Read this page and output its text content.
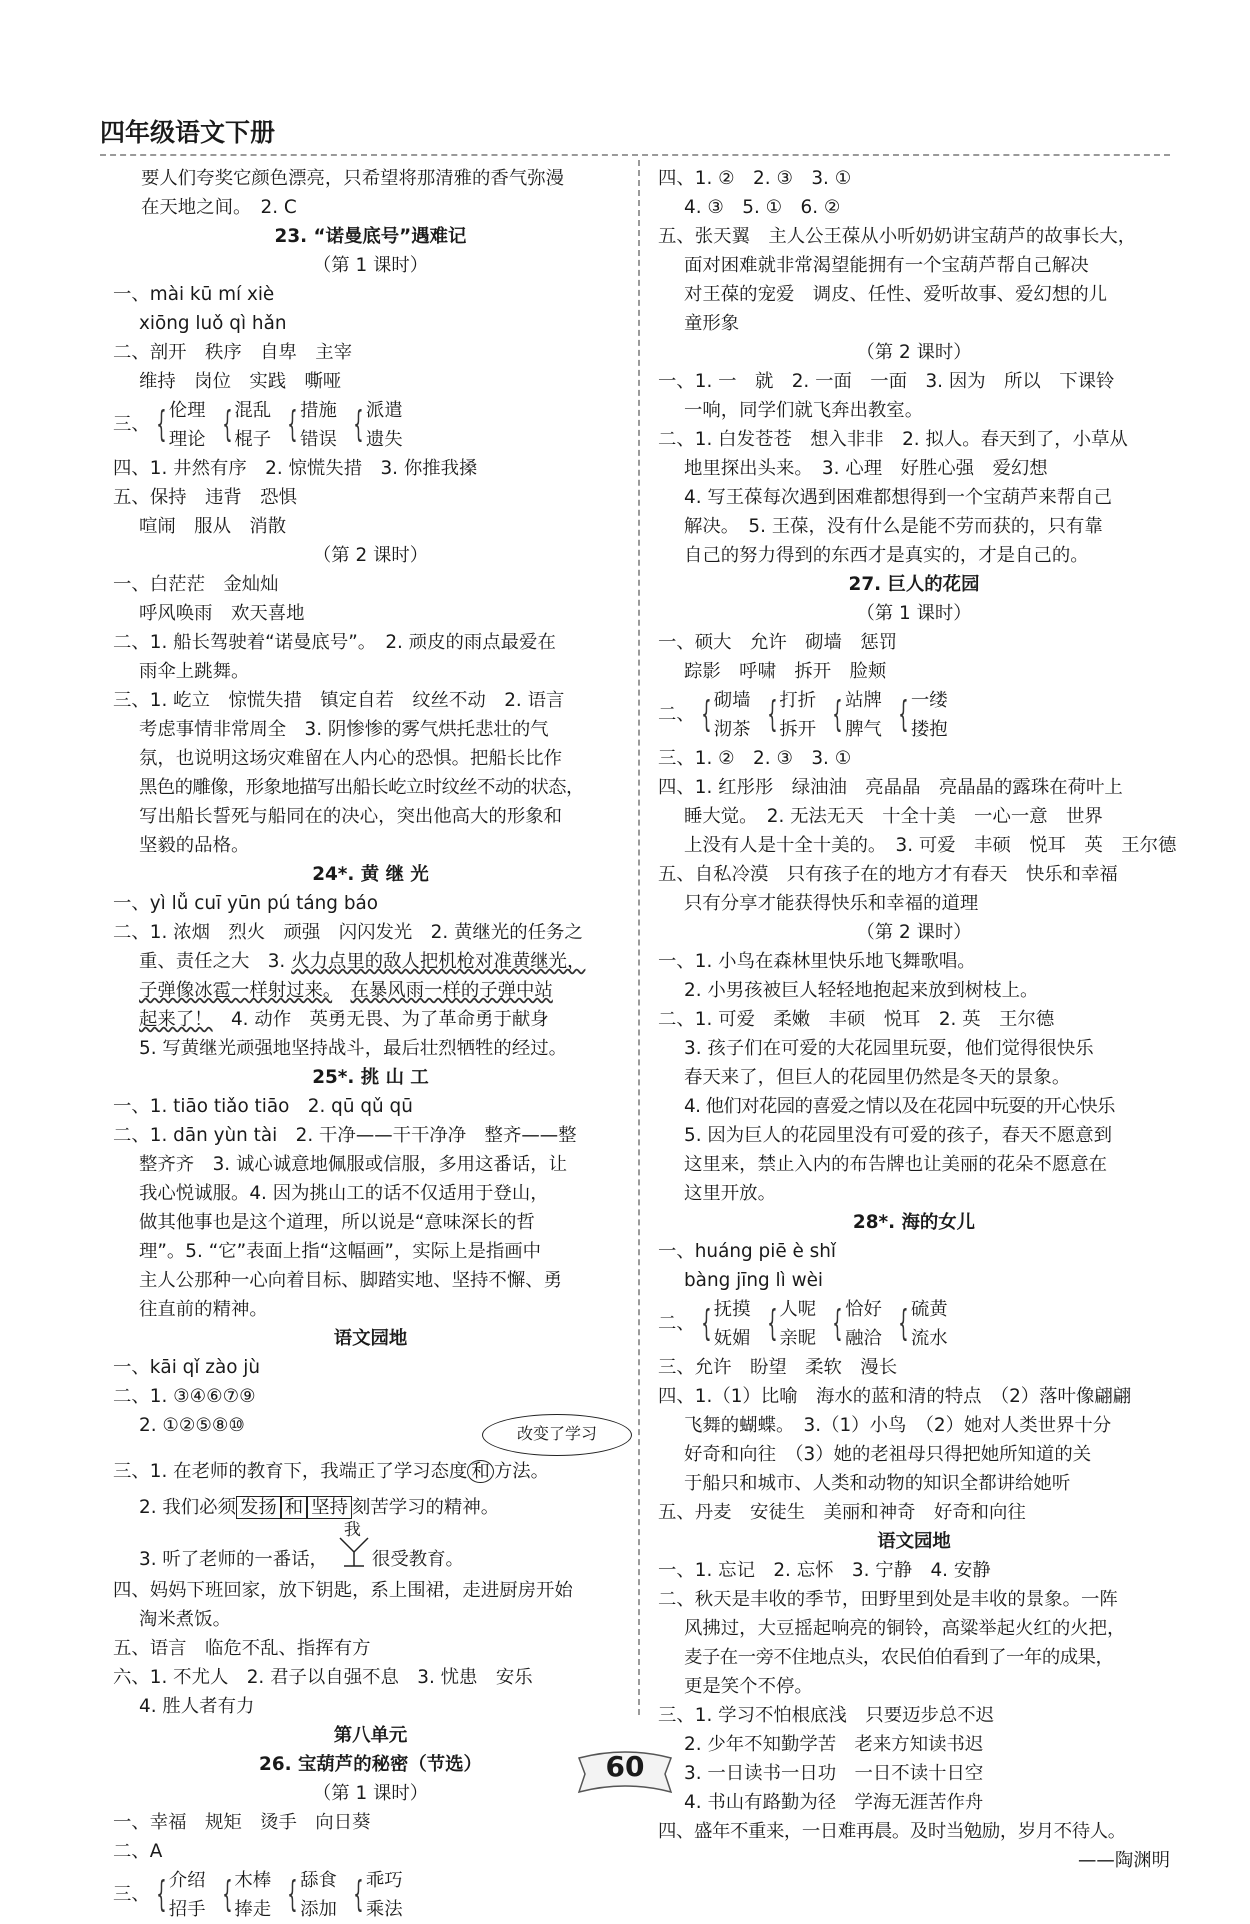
四年级语文下册
要人们夸奖它颜色漂亮，只希望将那清雅的香气弥漫
在天地之间。　2. C
23. “诺曼底号”遇难记
（第 1 课时）
一、mài kū mí xiè
xiōng luǒ qì hǎn
二、剖开　秩序　自卑　主宰
维持　岗位　实践　嘶哑
三、 { 伦理
理论 { 混乱
棍子 { 措施
错误 { 派遣
遗失
四、1. 井然有序　2. 惊慌失措　3. 你推我搡
五、保持　违背　恐惧
喧闹　服从　消散
（第 2 课时）
一、白茫茫　金灿灿
呼风唤雨　欢天喜地
二、1. 船长驾驶着“诺曼底号”。　2. 顽皮的雨点最爱在
雨伞上跳舞。
三、1. 屹立　惊慌失措　镇定自若　纹丝不动　2. 语言
考虑事情非常周全　3. 阴惨惨的雾气烘托悲壮的气
氛，也说明这场灾难留在人内心的恐惧。把船长比作
黑色的雕像，形象地描写出船长屹立时纹丝不动的状态，
写出船长誓死与船同在的决心，突出他高大的形象和
坚毅的品格。
24*. 黄 继 光
一、yì lǚ cuī yūn pú táng báo
二、1. 浓烟　烈火　顽强　闪闪发光　2. 黄继光的任务之
重、责任之大　3. 火力点里的敌人把机枪对准黄继光，
子弹像冰雹一样射过来。　 在暴风雨一样的子弹中站
起来了！　4. 动作　英勇无畏、为了革命勇于献身
5. 写黄继光顽强地坚持战斗，最后壮烈牺牲的经过。
25*. 挑 山 工
一、1. tiāo tiǎo tiāo　2. qū qǔ qū
二、1. dān yùn tài　2. 干净——干干净净　整齐——整
整齐齐　3. 诚心诚意地佩服或信服，多用这番话，让
我心悦诚服。4. 因为挑山工的话不仅适用于登山，
做其他事也是这个道理，所以说是“意味深长的哲
理”。5. “它”表面上指“这幅画”，实际上是指画中
主人公那种一心向着目标、脚踏实地、坚持不懈、勇
往直前的精神。
语文园地
一、kāi qǐ zào jù
二、1. ③④⑥⑦⑨
2. ①②⑤⑧⑩	改变了学习
三、1. 在老师的教育下，我端正了学习态度 和 方法。
2. 我们必须 发扬 和 坚持 刻苦学习的精神。
3. 听了老师的一番话，
我
很受教育。
四、妈妈下班回家，放下钥匙，系上围裙，走进厨房开始
淘米煮饭。
五、语言　临危不乱、指挥有方
六、1. 不尤人　2. 君子以自强不息　3. 忧患　安乐
4. 胜人者有力
第八单元
26. 宝葫芦的秘密（节选）
（第 1 课时）
一、幸福　规矩　烫手　向日葵
二、A
三、 { 介绍
招手 { 木棒
捧走 { 舔食
添加 { 乖巧
乘法
四、1. ②　2. ③　3. ①
4. ③　5. ①　6. ②
五、张天翼　主人公王葆从小听奶奶讲宝葫芦的故事长大，
面对困难就非常渴望能拥有一个宝葫芦帮自己解决
对王葆的宠爱　调皮、任性、爱听故事、爱幻想的儿
童形象
（第 2 课时）
一、1. 一　就　2. 一面　一面　3. 因为　所以　下课铃
一响，同学们就飞奔出教室。
二、1. 白发苍苍　想入非非　2. 拟人。春天到了，小草从
地里探出头来。　3. 心理　好胜心强　爱幻想
4. 写王葆每次遇到困难都想得到一个宝葫芦来帮自己
解决。　5. 王葆，没有什么是能不劳而获的，只有靠
自己的努力得到的东西才是真实的，才是自己的。
27. 巨人的花园
（第 1 课时）
一、硕大　允许　砌墙　惩罚
踪影　呼啸　拆开　脸颊
二、 { 砌墙
沏茶 { 打折
拆开 { 站牌
脾气 { 一缕
搂抱
三、1. ②　2. ③　3. ①
四、1. 红彤彤　绿油油　亮晶晶　亮晶晶的露珠在荷叶上
睡大觉。　2. 无法无天　十全十美　一心一意　世界
上没有人是十全十美的。　3. 可爱　丰硕　悦耳　英　王尔德
五、自私冷漠　只有孩子在的地方才有春天　快乐和幸福
只有分享才能获得快乐和幸福的道理
（第 2 课时）
一、1. 小鸟在森林里快乐地飞舞歌唱。
2. 小男孩被巨人轻轻地抱起来放到树枝上。
二、1. 可爱　柔嫩　丰硕　悦耳　2. 英　王尔德
3. 孩子们在可爱的大花园里玩耍，他们觉得很快乐
春天来了，但巨人的花园里仍然是冬天的景象。
4. 他们对花园的喜爱之情以及在花园中玩耍的开心快乐
5. 因为巨人的花园里没有可爱的孩子，春天不愿意到
这里来，禁止入内的布告牌也让美丽的花朵不愿意在
这里开放。
28*. 海的女儿
一、huáng piē è shǐ
bàng jīng lì wèi
二、 { 抚摸
妩媚 { 人呢
亲昵 { 恰好
融洽 { 硫黄
流水
三、允许　盼望　柔软　漫长
四、1.（1）比喻　海水的蓝和清的特点　（2）落叶像翩翩
飞舞的蝴蝶。　3.（1）小鸟　（2）她对人类世界十分
好奇和向往　（3）她的老祖母只得把她所知道的关
于船只和城市、人类和动物的知识全都讲给她听
五、丹麦　安徒生　美丽和神奇　好奇和向往
语文园地
一、1. 忘记　2. 忘怀　3. 宁静　4. 安静
二、秋天是丰收的季节，田野里到处是丰收的景象。一阵
风拂过，大豆摇起响亮的铜铃，高粱举起火红的火把，
麦子在一旁不住地点头，农民伯伯看到了一年的成果，
更是笑个不停。
三、1. 学习不怕根底浅　只要迈步总不迟
2. 少年不知勤学苦　老来方知读书迟
3. 一日读书一日功　一日不读十日空
4. 书山有路勤为径　学海无涯苦作舟
四、盛年不重来，一日难再晨。及时当勉励，岁月不待人。
——陶渊明
60
